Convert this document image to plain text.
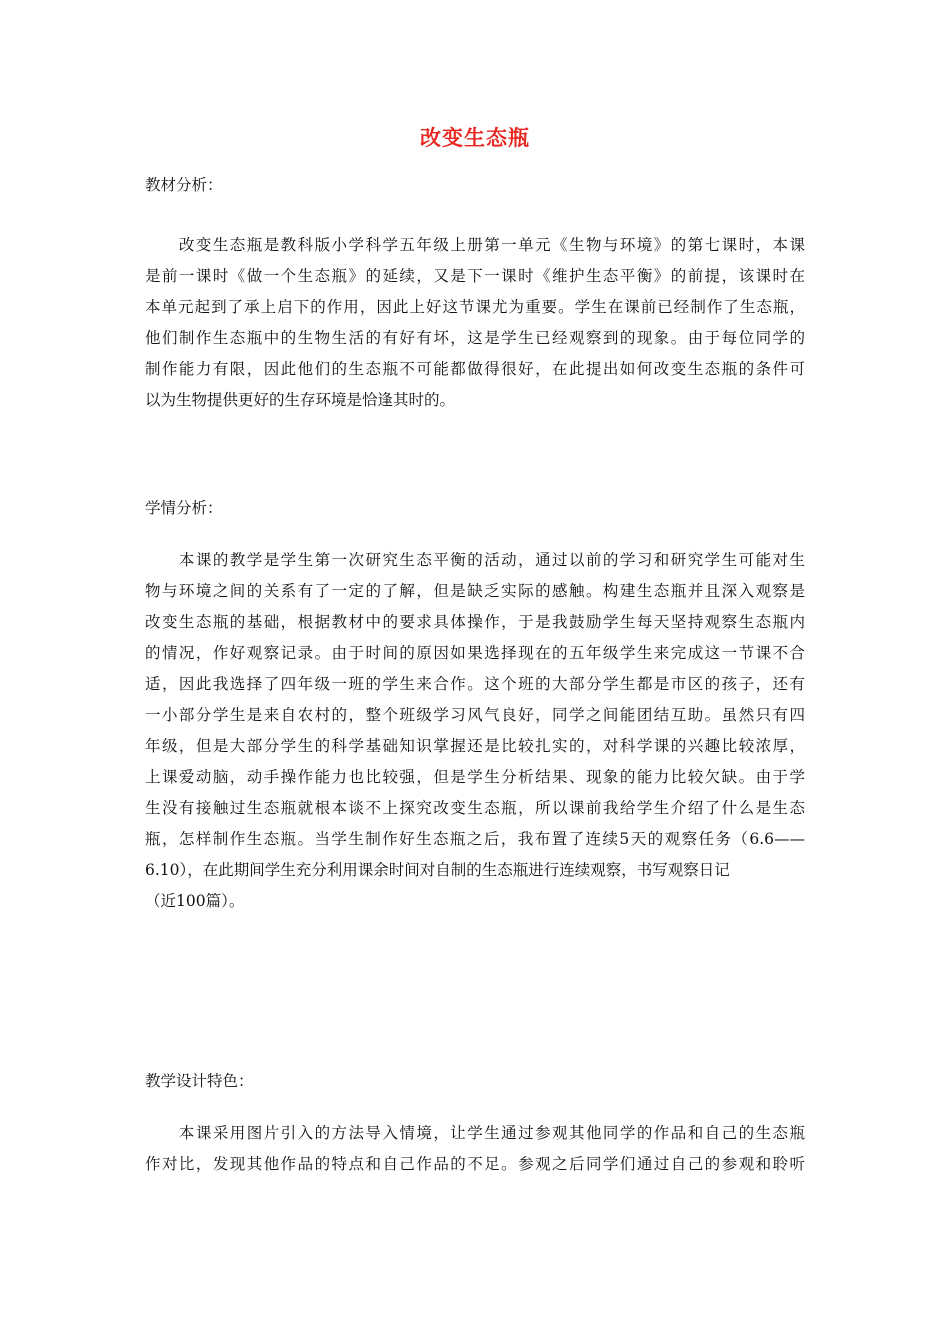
改变生态瓶
教材分析：
　　改变生态瓶是教科版小学科学五年级上册第一单元《生物与环境》的第七课时，本课
是前一课时《做一个生态瓶》的延续，又是下一课时《维护生态平衡》的前提，该课时在
本单元起到了承上启下的作用，因此上好这节课尤为重要。学生在课前已经制作了生态瓶，
他们制作生态瓶中的生物生活的有好有坏，这是学生已经观察到的现象。由于每位同学的
制作能力有限，因此他们的生态瓶不可能都做得很好，在此提出如何改变生态瓶的条件可
以为生物提供更好的生存环境是恰逢其时的。
学情分析：
　　本课的教学是学生第一次研究生态平衡的活动，通过以前的学习和研究学生可能对生
物与环境之间的关系有了一定的了解，但是缺乏实际的感触。构建生态瓶并且深入观察是
改变生态瓶的基础，根据教材中的要求具体操作，于是我鼓励学生每天坚持观察生态瓶内
的情况，作好观察记录。由于时间的原因如果选择现在的五年级学生来完成这一节课不合
适，因此我选择了四年级一班的学生来合作。这个班的大部分学生都是市区的孩子，还有
一小部分学生是来自农村的，整个班级学习风气良好，同学之间能团结互助。虽然只有四
年级，但是大部分学生的科学基础知识掌握还是比较扎实的，对科学课的兴趣比较浓厚，
上课爱动脑，动手操作能力也比较强，但是学生分析结果、现象的能力比较欠缺。由于学
生没有接触过生态瓶就根本谈不上探究改变生态瓶，所以课前我给学生介绍了什么是生态
瓶，怎样制作生态瓶。当学生制作好生态瓶之后，我布置了连续5天的观察任务（6.6——
6.10），在此期间学生充分利用课余时间对自制的生态瓶进行连续观察，书写观察日记
（近100篇）。
教学设计特色：
　　本课采用图片引入的方法导入情境，让学生通过参观其他同学的作品和自己的生态瓶
作对比，发现其他作品的特点和自己作品的不足。参观之后同学们通过自己的参观和聆听
